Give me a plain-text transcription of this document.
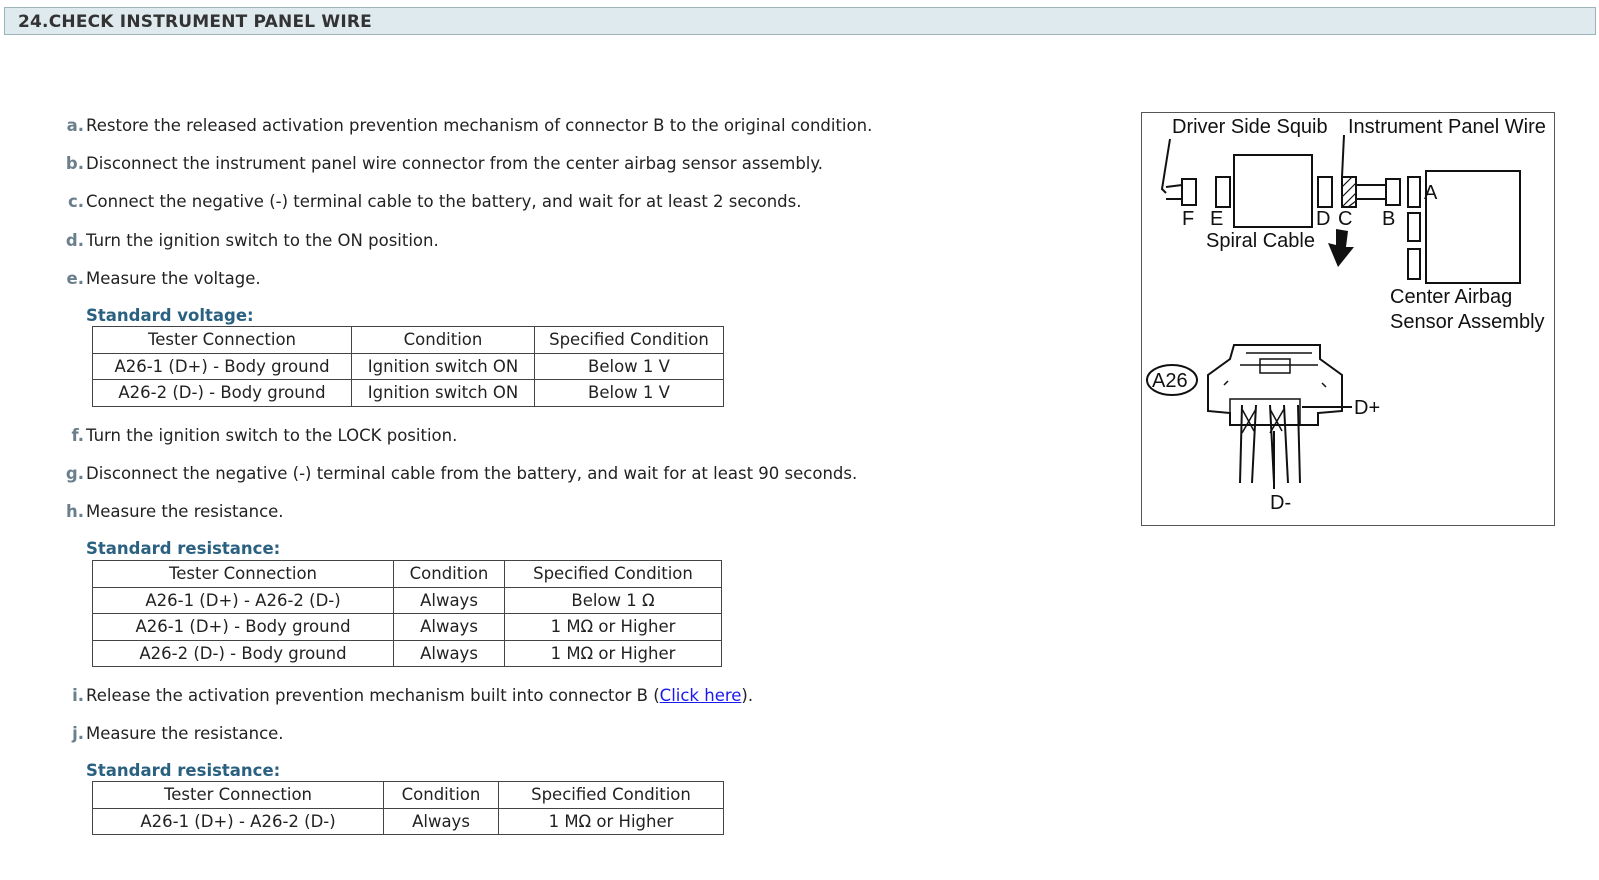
24.CHECK INSTRUMENT PANEL WIRE
a. Restore the released activation prevention mechanism of connector B to the original condition.
b. Disconnect the instrument panel wire connector from the center airbag sensor assembly.
c. Connect the negative (-) terminal cable to the battery, and wait for at least 2 seconds.
d. Turn the ignition switch to the ON position.
e. Measure the voltage.
Standard voltage:
Tester Connection	Condition	Specified Condition
A26-1 (D+) - Body ground	Ignition switch ON	Below 1 V
A26-2 (D-) - Body ground	Ignition switch ON	Below 1 V
f. Turn the ignition switch to the LOCK position.
g. Disconnect the negative (-) terminal cable from the battery, and wait for at least 90 seconds.
h. Measure the resistance.
Standard resistance:
Tester Connection	Condition	Specified Condition
A26-1 (D+) - A26-2 (D-)	Always	Below 1 Ω
A26-1 (D+) - Body ground	Always	1 MΩ or Higher
A26-2 (D-) - Body ground	Always	1 MΩ or Higher
i. Release the activation prevention mechanism built into connector B (Click here).
j. Measure the resistance.
Standard resistance:
Tester Connection	Condition	Specified Condition
A26-1 (D+) - A26-2 (D-)	Always	1 MΩ or Higher
Driver Side Squib Instrument Panel Wire
F E	D C B
A
Spiral Cable
Center Airbag
Sensor Assembly
A26
D+
D-
